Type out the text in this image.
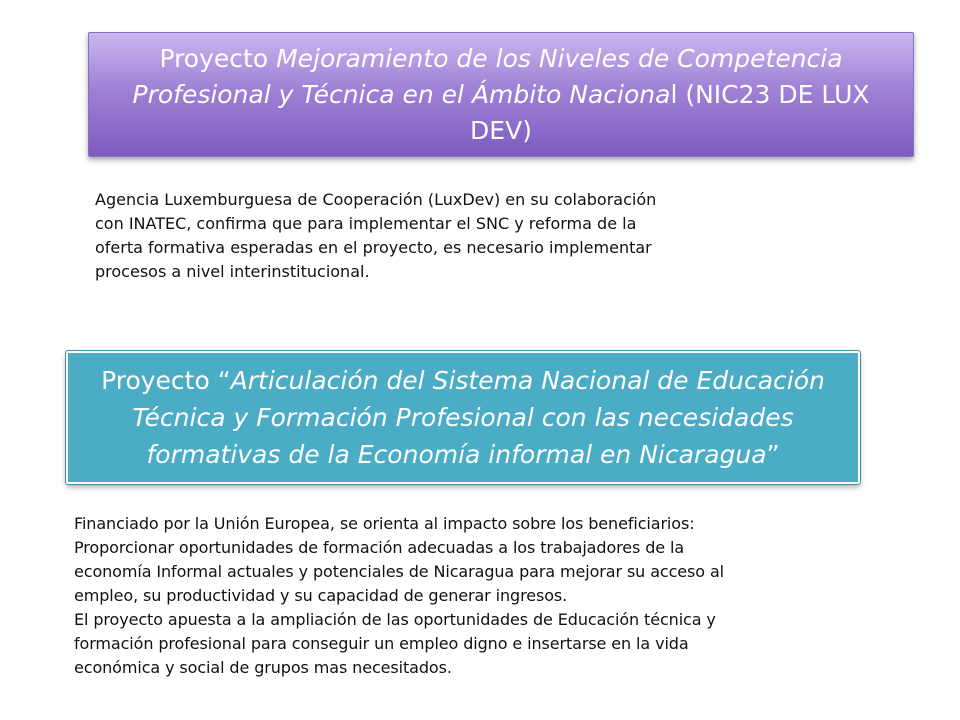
Proyecto Mejoramiento de los Niveles de Competencia Profesional y Técnica en el Ámbito Nacional (NIC23 DE LUX DEV)
Agencia Luxemburguesa de Cooperación (LuxDev) en su colaboración
con INATEC, confirma que para implementar el SNC y reforma de la
oferta formativa esperadas en el proyecto, es necesario implementar
procesos a nivel interinstitucional.
Proyecto “Articulación del Sistema Nacional de Educación Técnica y Formación Profesional con las necesidades formativas de la Economía informal en Nicaragua”
Financiado por la Unión Europea, se orienta al impacto sobre los beneficiarios:
Proporcionar oportunidades de formación adecuadas a los trabajadores de la
economía Informal actuales y potenciales de Nicaragua para mejorar su acceso al
empleo, su productividad y su capacidad de generar ingresos.
El proyecto apuesta a la ampliación de las oportunidades de Educación técnica y
formación profesional para conseguir un empleo digno e insertarse en la vida
económica y social de grupos mas necesitados.
